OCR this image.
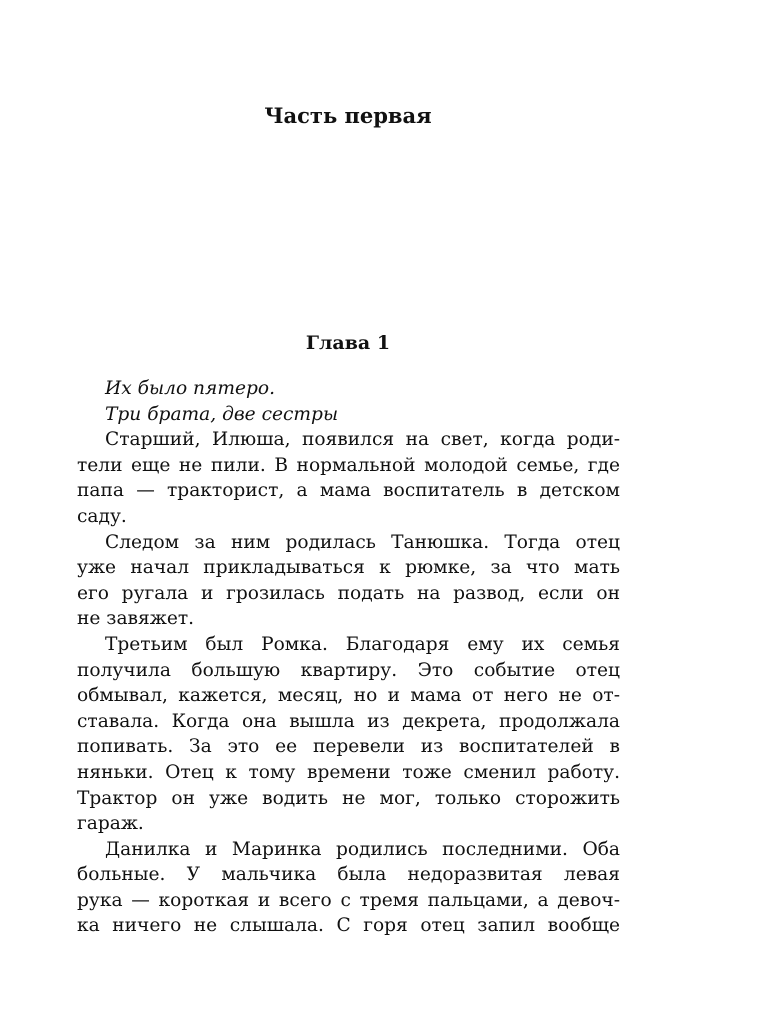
Часть первая
Глава 1

Их было пятеро.

Три брата, две сестры

Старший, Илюша, появился на свет, когда роди-
тели еще не пили. В нормальной молодой семье, где
папа — тракторист, а мама воспитатель в детском
саду.

Следом за ним родилась Танюшка. Тогда отец
уже начал прикладываться к рюмке, за что мать
его ругала и грозилась подать на развод, если он
не завяжет.

Третьим был Ромка. Благодаря ему их семья
получила большую квартиру. Это событие отец
обмывал, кажется, месяц, но и мама от него не от-
ставала. Когда она вышла из декрета, продолжала
попивать. За это ее перевели из воспитателей в
няньки. Отец к тому времени тоже сменил работу.
Трактор он уже водить не мог, только сторожить
гараж.

Данилка и Маринка родились последними. Оба
больные. У мальчика была недоразвитая левая
рука — короткая и всего с тремя пальцами, а девоч-
ка ничего не слышала. С горя отец запил вообще
